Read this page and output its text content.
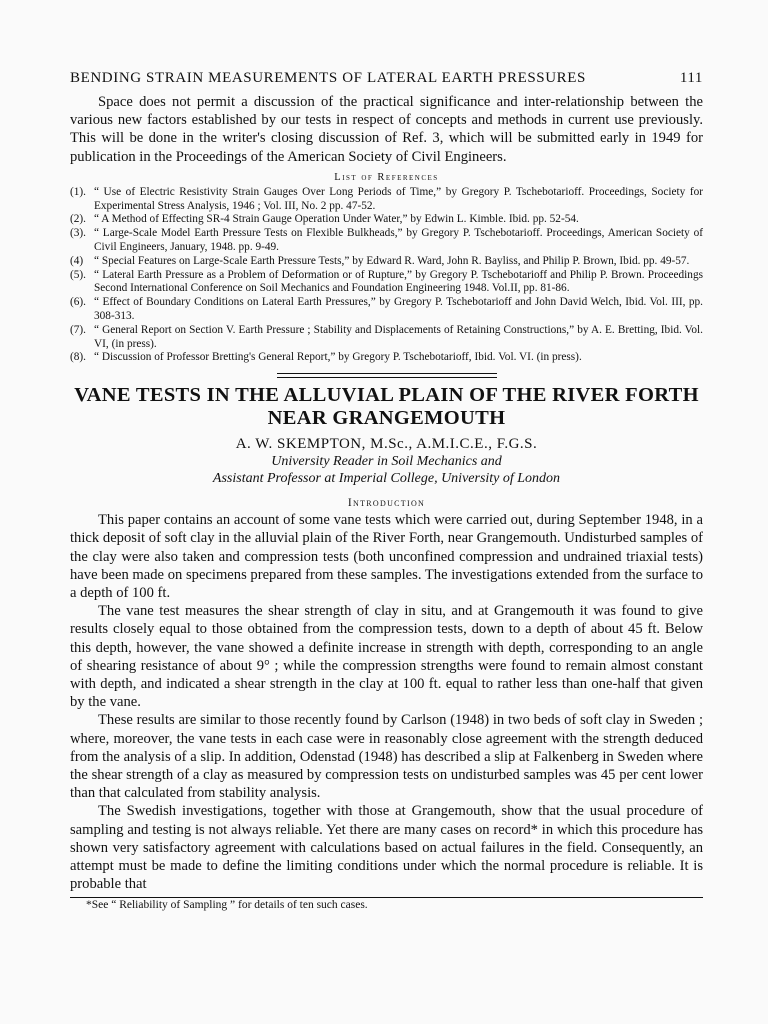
BENDING STRAIN MEASUREMENTS OF LATERAL EARTH PRESSURES	111

Space does not permit a discussion of the practical significance and inter-relationship between the various new factors established by our tests in respect of concepts and methods in current use previously. This will be done in the writer's closing discussion of Ref. 3, which will be submitted early in 1949 for publication in the Proceedings of the American Society of Civil Engineers.

List of References
(1). “ Use of Electric Resistivity Strain Gauges Over Long Periods of Time,” by Gregory P. Tschebotarioff. Proceedings, Society for Experimental Stress Analysis, 1946 ; Vol. III, No. 2 pp. 47-52.
(2). “ A Method of Effecting SR-4 Strain Gauge Operation Under Water,” by Edwin L. Kimble. Ibid. pp. 52-54.
(3). “ Large-Scale Model Earth Pressure Tests on Flexible Bulkheads,” by Gregory P. Tschebotarioff. Proceedings, American Society of Civil Engineers, January, 1948. pp. 9-49.
(4) “ Special Features on Large-Scale Earth Pressure Tests,” by Edward R. Ward, John R. Bayliss, and Philip P. Brown, Ibid. pp. 49-57.
(5). “ Lateral Earth Pressure as a Problem of Deformation or of Rupture,” by Gregory P. Tschebotarioff and Philip P. Brown. Proceedings Second International Conference on Soil Mechanics and Foundation Engineering 1948. Vol.II, pp. 81-86.
(6). “ Effect of Boundary Conditions on Lateral Earth Pressures,” by Gregory P. Tschebotarioff and John David Welch, Ibid. Vol. III, pp. 308-313.
(7). “ General Report on Section V. Earth Pressure ; Stability and Displacements of Retaining Constructions,” by A. E. Bretting, Ibid. Vol. VI, (in press).
(8). “ Discussion of Professor Bretting's General Report,” by Gregory P. Tschebotarioff, Ibid. Vol. VI. (in press).
VANE TESTS IN THE ALLUVIAL PLAIN OF THE RIVER FORTH
NEAR GRANGEMOUTH
A. W. SKEMPTON, M.Sc., A.M.I.C.E., F.G.S.
University Reader in Soil Mechanics and
Assistant Professor at Imperial College, University of London
Introduction

This paper contains an account of some vane tests which were carried out, during September 1948, in a thick deposit of soft clay in the alluvial plain of the River Forth, near Grangemouth. Undisturbed samples of the clay were also taken and compression tests (both unconfined compression and undrained triaxial tests) have been made on specimens prepared from these samples. The investigations extended from the surface to a depth of 100 ft.

The vane test measures the shear strength of clay in situ, and at Grangemouth it was found to give results closely equal to those obtained from the compression tests, down to a depth of about 45 ft. Below this depth, however, the vane showed a definite increase in strength with depth, corresponding to an angle of shearing resistance of about 9° ; while the compression strengths were found to remain almost constant with depth, and indicated a shear strength in the clay at 100 ft. equal to rather less than one-half that given by the vane.

These results are similar to those recently found by Carlson (1948) in two beds of soft clay in Sweden ; where, moreover, the vane tests in each case were in reasonably close agreement with the strength deduced from the analysis of a slip. In addition, Odenstad (1948) has described a slip at Falkenberg in Sweden where the shear strength of a clay as measured by compression tests on undisturbed samples was 45 per cent lower than that calculated from stability analysis.

The Swedish investigations, together with those at Grangemouth, show that the usual procedure of sampling and testing is not always reliable. Yet there are many cases on record* in which this procedure has shown very satisfactory agreement with calculations based on actual failures in the field. Consequently, an attempt must be made to define the limiting conditions under which the normal procedure is reliable. It is probable that

*See “ Reliability of Sampling ” for details of ten such cases.
